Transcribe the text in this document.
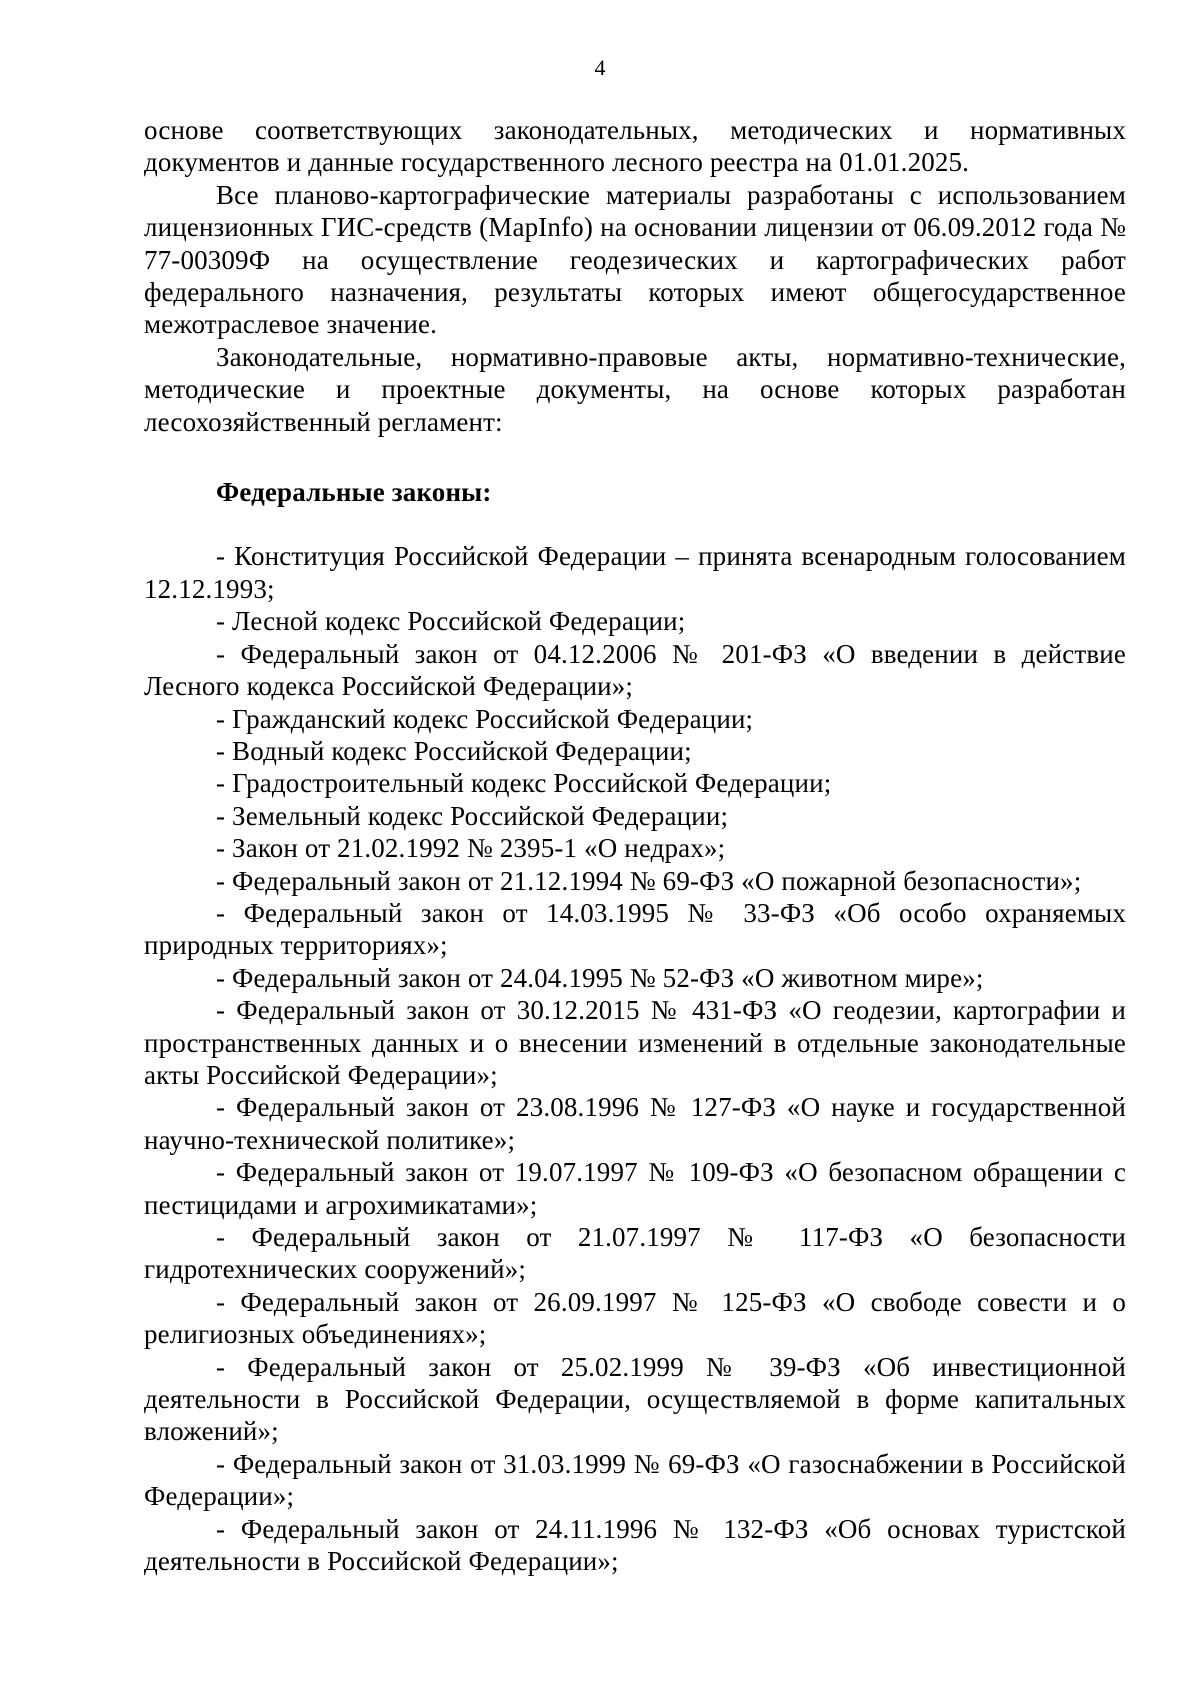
4

основе соответствующих законодательных, методических и нормативных документов и данные государственного лесного реестра на 01.01.2025.

Все планово-картографические материалы разработаны с использованием лицензионных ГИС-средств (MapInfo) на основании лицензии от 06.09.2012 года № 77-00309Ф на осуществление геодезических и картографических работ федерального назначения, результаты которых имеют общегосударственное межотраслевое значение.

Законодательные, нормативно-правовые акты, нормативно-технические, методические и проектные документы, на основе которых разработан лесохозяйственный регламент:

Федеральные законы:

- Конституция Российской Федерации – принята всенародным голосованием 12.12.1993;

- Лесной кодекс Российской Федерации;

- Федеральный закон от 04.12.2006 № 201-ФЗ «О введении в действие Лесного кодекса Российской Федерации»;

- Гражданский кодекс Российской Федерации;

- Водный кодекс Российской Федерации;

- Градостроительный кодекс Российской Федерации;

- Земельный кодекс Российской Федерации;

- Закон от 21.02.1992 № 2395-1 «О недрах»;

- Федеральный закон от 21.12.1994 № 69-ФЗ «О пожарной безопасности»;

- Федеральный закон от 14.03.1995 № 33-ФЗ «Об особо охраняемых природных территориях»;

- Федеральный закон от 24.04.1995 № 52-ФЗ «О животном мире»;

- Федеральный закон от 30.12.2015 № 431-ФЗ «О геодезии, картографии и пространственных данных и о внесении изменений в отдельные законодательные акты Российской Федерации»;

- Федеральный закон от 23.08.1996 № 127-ФЗ «О науке и государственной научно-технической политике»;

- Федеральный закон от 19.07.1997 № 109-ФЗ «О безопасном обращении с пестицидами и агрохимикатами»;

- Федеральный закон от 21.07.1997 № 117-ФЗ «О безопасности гидротехнических сооружений»;

- Федеральный закон от 26.09.1997 № 125-ФЗ «О свободе совести и о религиозных объединениях»;

- Федеральный закон от 25.02.1999 № 39-ФЗ «Об инвестиционной деятельности в Российской Федерации, осуществляемой в форме капитальных вложений»;

- Федеральный закон от 31.03.1999 № 69-ФЗ «О газоснабжении в Российской Федерации»;

- Федеральный закон от 24.11.1996 № 132-ФЗ «Об основах туристской деятельности в Российской Федерации»;
